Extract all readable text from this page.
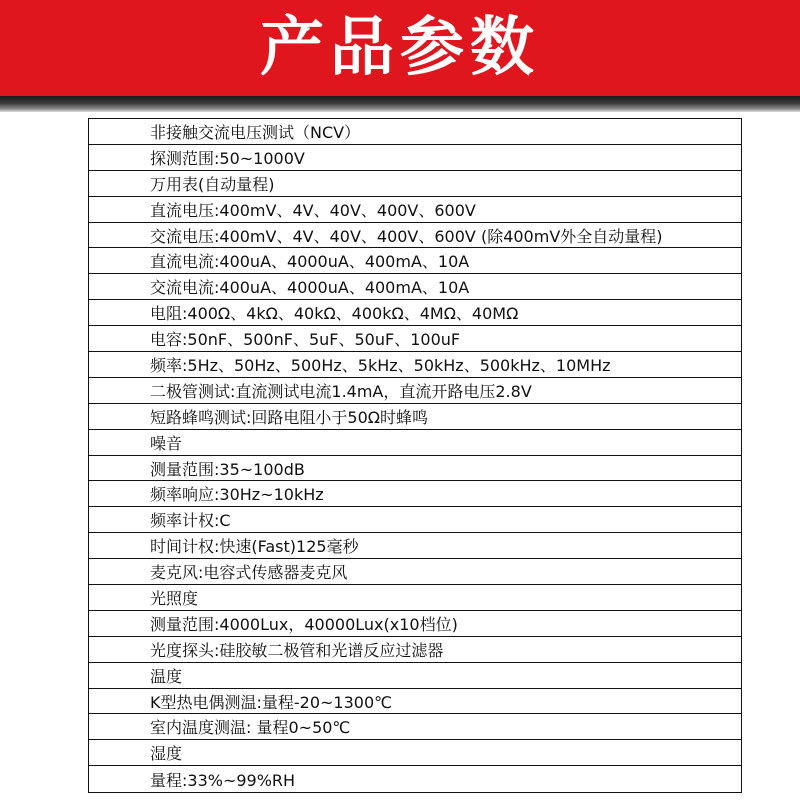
产品参数
非接触交流电压测试（NCV）
探测范围:50~1000V
万用表(自动量程)
直流电压:400mV、4V、40V、400V、600V
交流电压:400mV、4V、40V、400V、600V (除400mV外全自动量程)
直流电流:400uA、4000uA、400mA、10A
交流电流:400uA、4000uA、400mA、10A
电阻:400Ω、4kΩ、40kΩ、400kΩ、4MΩ、40MΩ
电容:50nF、500nF、5uF、50uF、100uF
频率:5Hz、50Hz、500Hz、5kHz、50kHz、500kHz、10MHz
二极管测试:直流测试电流1.4mA，直流开路电压2.8V
短路蜂鸣测试:回路电阻小于50Ω时蜂鸣
噪音
测量范围:35~100dB
频率响应:30Hz~10kHz
频率计权:C
时间计权:快速(Fast)125毫秒
麦克风:电容式传感器麦克风
光照度
测量范围:4000Lux，40000Lux(x10档位)
光度探头:硅胶敏二极管和光谱反应过滤器
温度
K型热电偶测温:量程-20~1300℃
室内温度测温: 量程0~50℃
湿度
量程:33%~99%RH
